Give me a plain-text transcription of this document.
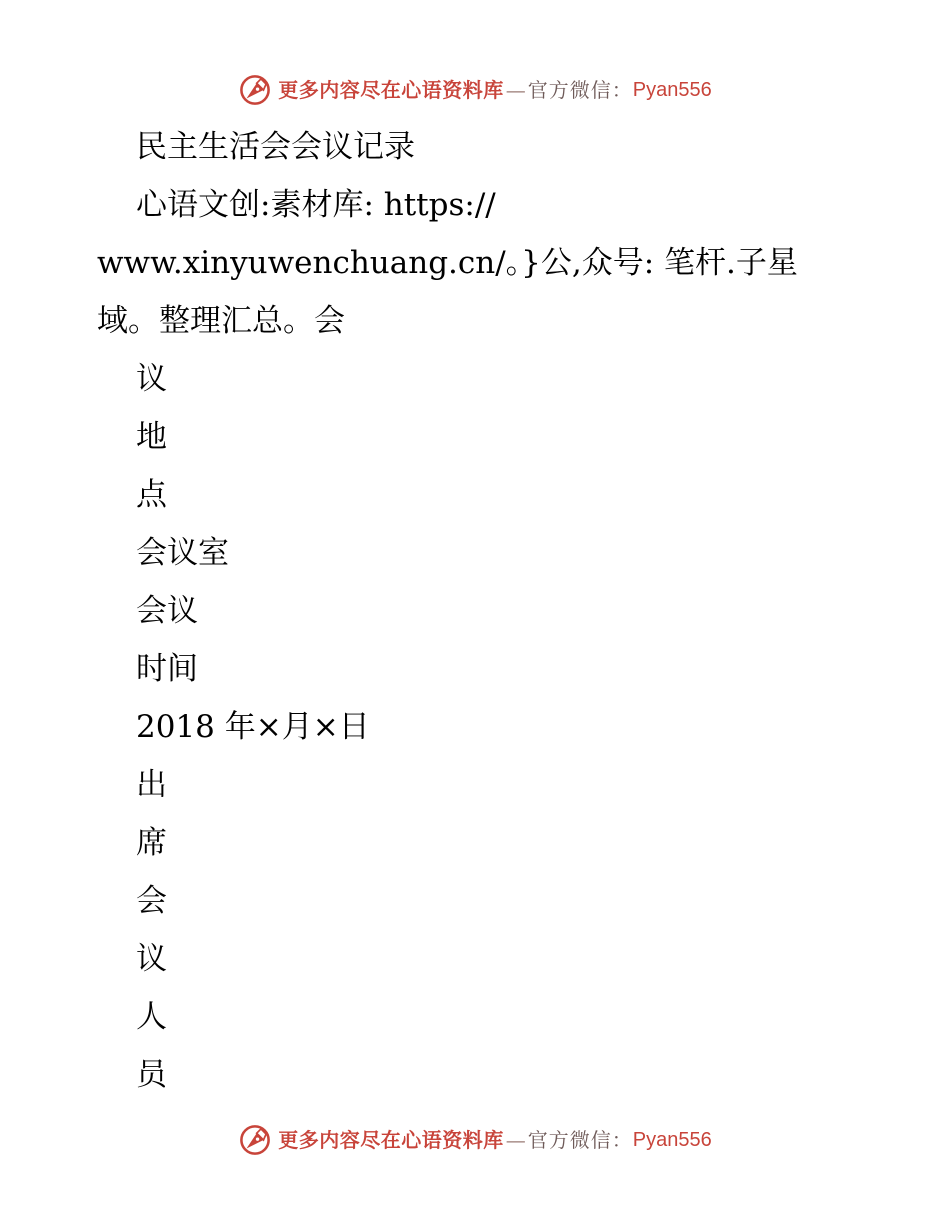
更多内容尽在心语资料库 — 官方微信： Pyan556
民主生活会会议记录
心语文创:素材库: https://
www.xinyuwenchuang.cn/。}公,众号: 笔杆.子星
域。整理汇总。会
议
地
点
会议室
会议
时间
2018 年×月×日
出
席
会
议
人
员
更多内容尽在心语资料库 — 官方微信： Pyan556
